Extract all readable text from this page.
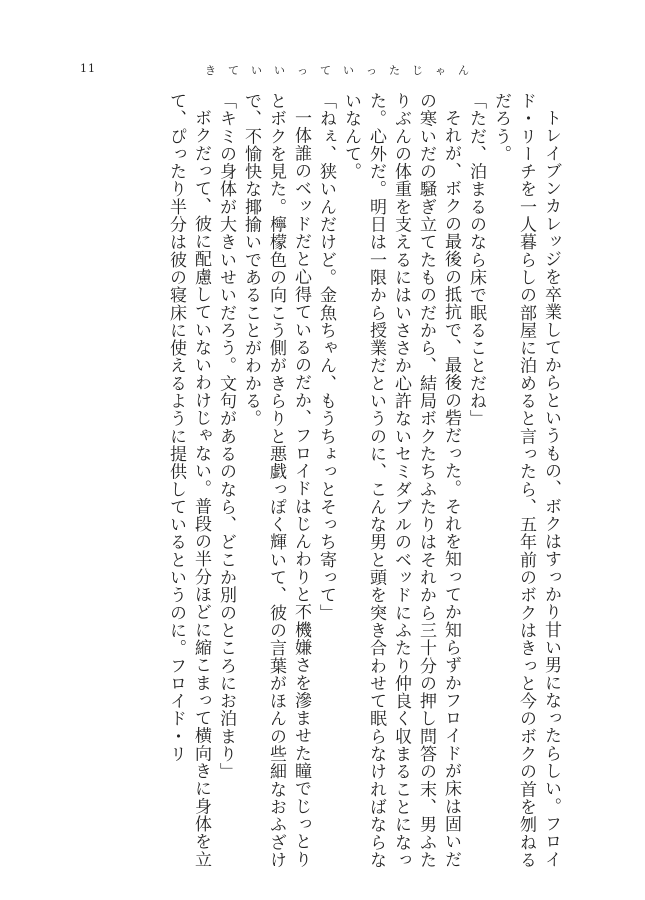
11	きていいっていったじゃん

トレイブンカレッジを卒業してからというもの、ボクはすっかり甘い男になったらしい。フロイド・リーチを一人暮らしの部屋に泊めると言ったら、五年前のボクはきっと今のボクの首を刎ねるだろう。

「ただ、泊まるのなら床で眠ることだね」

それが、ボクの最後の抵抗で、最後の砦だった。それを知ってか知らずかフロイドが床は固いだの寒いだの騒ぎ立てたものだから、結局ボクたちふたりはそれから三十分の押し問答の末、男ふたりぶんの体重を支えるにはいささか心許ないセミダブルのベッドにふたり仲良く収まることになった。心外だ。明日は一限から授業だというのに、こんな男と頭を突き合わせて眠らなければならないなんて。

「ねぇ、狭いんだけど。金魚ちゃん、もうちょっとそっち寄って」

一体誰のベッドだと心得ているのだか、フロイドはじんわりと不機嫌さを滲ませた瞳でじっとりとボクを見た。檸檬色の向こう側がきらりと悪戯っぽく輝いて、彼の言葉がほんの些細なおふざけで、不愉快な揶揄いであることがわかる。

「キミの身体が大きいせいだろう。文句があるのなら、どこか別のところにお泊まり」

ボクだって、彼に配慮していないわけじゃない。普段の半分ほどに縮こまって横向きに身体を立て、ぴったり半分は彼の寝床に使えるように提供しているというのに。フロイド・リ
